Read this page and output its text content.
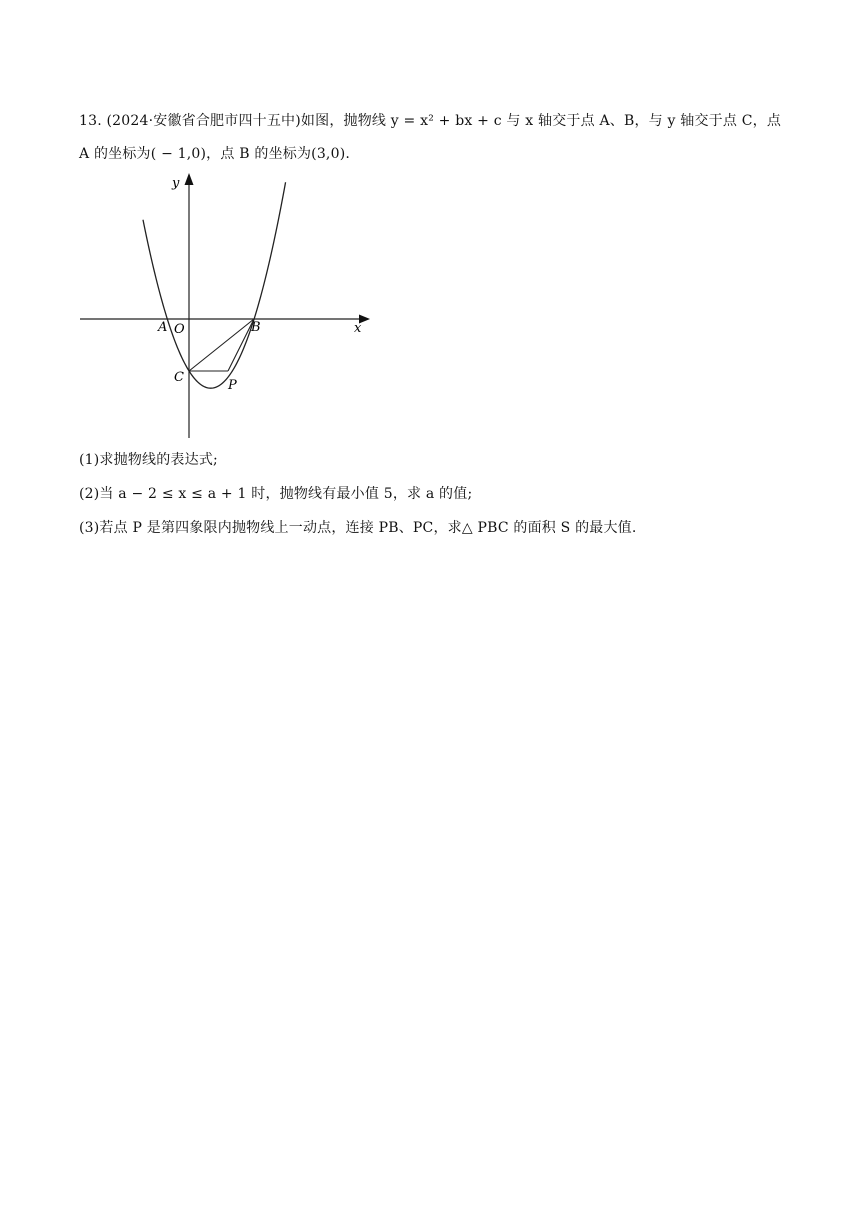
13. (2024·安徽省合肥市四十五中)如图，抛物线 y = x² + bx + c 与 x 轴交于点 A、B，与 y 轴交于点 C，点
A 的坐标为( − 1,0)，点 B 的坐标为(3,0).
y
x
A O	B
C
P
(1)求抛物线的表达式;
(2)当 a − 2 ≤ x ≤ a + 1 时，抛物线有最小值 5，求 a 的值;
(3)若点 P 是第四象限内抛物线上一动点，连接 PB、PC，求△ PBC 的面积 S 的最大值.
